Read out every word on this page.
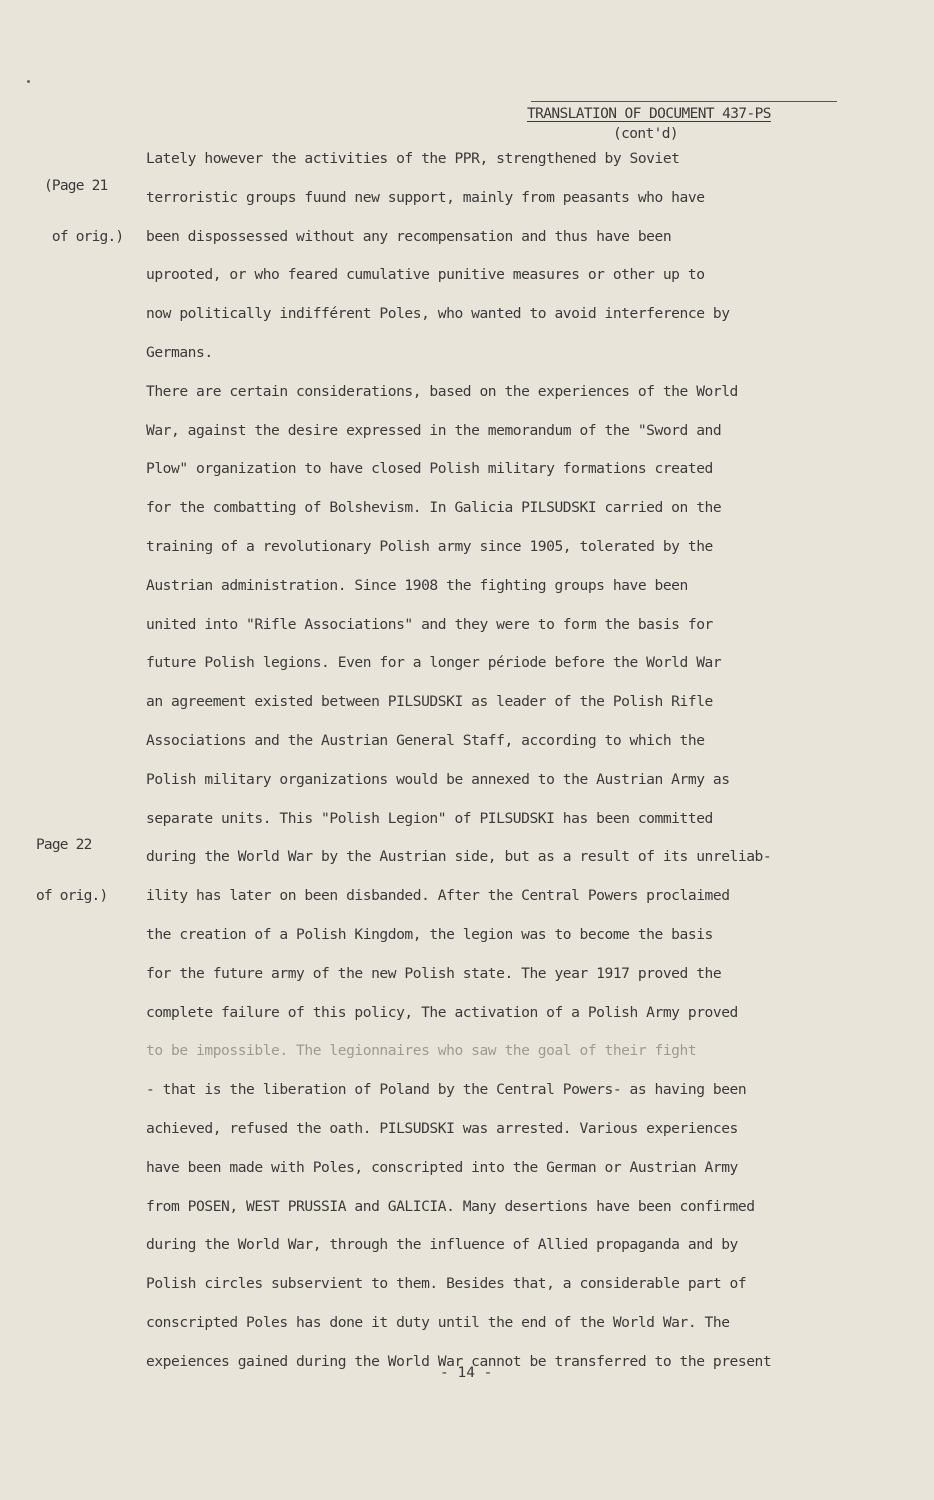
TRANSLATION OF DOCUMENT 437-PS
(cont'd)

(Page 21

of orig.)

Page 22

of orig.)

Lately however the activities of the PPR, strengthened by Soviet
terroristic groups fuund new support, mainly from peasants who have
been dispossessed without any recompensation and thus have been
uprooted, or who feared cumulative punitive measures or other up to
now politically indifférent Poles, who wanted to avoid interference by
Germans.
There are certain considerations, based on the experiences of the World
War, against the desire expressed in the memorandum of the "Sword and
Plow" organization to have closed Polish military formations created
for the combatting of Bolshevism. In Galicia PILSUDSKI carried on the
training of a revolutionary Polish army since 1905, tolerated by the
Austrian administration. Since 1908 the fighting groups have been
united into "Rifle Associations" and they were to form the basis for
future Polish legions. Even for a longer période before the World War
an agreement existed between PILSUDSKI as leader of the Polish Rifle
Associations and the Austrian General Staff, according to which the
Polish military organizations would be annexed to the Austrian Army as
separate units. This "Polish Legion" of PILSUDSKI has been committed
during the World War by the Austrian side, but as a result of its unreliab-
ility has later on been disbanded. After the Central Powers proclaimed
the creation of a Polish Kingdom, the legion was to become the basis
for the future army of the new Polish state. The year 1917 proved the
complete failure of this policy, The activation of a Polish Army proved
to be impossible. The legionnaires who saw the goal of their fight
- that is the liberation of Poland by the Central Powers- as having been
achieved, refused the oath. PILSUDSKI was arrested. Various experiences
have been made with Poles, conscripted into the German or Austrian Army
from POSEN, WEST PRUSSIA and GALICIA. Many desertions have been confirmed
during the World War, through the influence of Allied propaganda and by
Polish circles subservient to them. Besides that, a considerable part of
conscripted Poles has done it duty until the end of the World War. The
expeiences gained during the World War cannot be transferred to the present
- 14 -
